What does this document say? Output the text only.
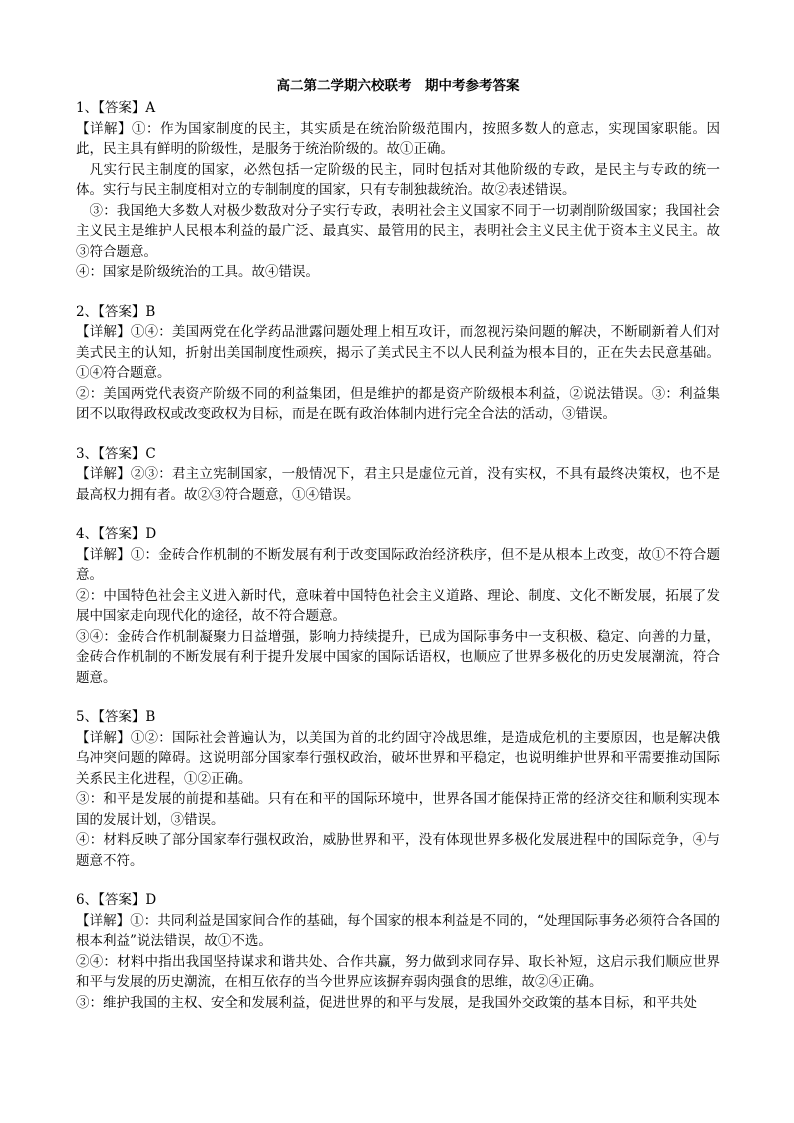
高二第二学期六校联考　期中考参考答案
1、【答案】A
【详解】①：作为国家制度的民主，其实质是在统治阶级范围内，按照多数人的意志，实现国家职能。因此，民主具有鲜明的阶级性，是服务于统治阶级的。故①正确。
凡实行民主制度的国家，必然包括一定阶级的民主，同时包括对其他阶级的专政，是民主与专政的统一体。实行与民主制度相对立的专制制度的国家，只有专制独裁统治。故②表述错误。
③：我国绝大多数人对极少数敌对分子实行专政，表明社会主义国家不同于一切剥削阶级国家；我国社会主义民主是维护人民根本利益的最广泛、最真实、最管用的民主，表明社会主义民主优于资本主义民主。故③符合题意。
④：国家是阶级统治的工具。故④错误。
2、【答案】B
【详解】①④：美国两党在化学药品泄露问题处理上相互攻讦，而忽视污染问题的解决，不断刷新着人们对美式民主的认知，折射出美国制度性顽疾，揭示了美式民主不以人民利益为根本目的，正在失去民意基础。①④符合题意。
②：美国两党代表资产阶级不同的利益集团，但是维护的都是资产阶级根本利益，②说法错误。③：利益集团不以取得政权或改变政权为目标，而是在既有政治体制内进行完全合法的活动，③错误。
3、【答案】C
【详解】②③：君主立宪制国家，一般情况下，君主只是虚位元首，没有实权，不具有最终决策权，也不是最高权力拥有者。故②③符合题意，①④错误。
4、【答案】D
【详解】①：金砖合作机制的不断发展有利于改变国际政治经济秩序，但不是从根本上改变，故①不符合题意。
②：中国特色社会主义进入新时代，意味着中国特色社会主义道路、理论、制度、文化不断发展，拓展了发展中国家走向现代化的途径，故不符合题意。
③④：金砖合作机制凝聚力日益增强，影响力持续提升，已成为国际事务中一支积极、稳定、向善的力量，金砖合作机制的不断发展有利于提升发展中国家的国际话语权，也顺应了世界多极化的历史发展潮流，符合题意。
5、【答案】B
【详解】①②：国际社会普遍认为，以美国为首的北约固守冷战思维，是造成危机的主要原因，也是解决俄乌冲突问题的障碍。这说明部分国家奉行强权政治，破坏世界和平稳定，也说明维护世界和平需要推动国际关系民主化进程，①②正确。
③：和平是发展的前提和基础。只有在和平的国际环境中，世界各国才能保持正常的经济交往和顺利实现本国的发展计划，③错误。
④：材料反映了部分国家奉行强权政治，威胁世界和平，没有体现世界多极化发展进程中的国际竞争，④与题意不符。
6、【答案】D
【详解】①：共同利益是国家间合作的基础，每个国家的根本利益是不同的，“处理国际事务必须符合各国的根本利益”说法错误，故①不选。
②④：材料中指出我国坚持谋求和谐共处、合作共赢，努力做到求同存异、取长补短，这启示我们顺应世界和平与发展的历史潮流，在相互依存的当今世界应该摒弃弱肉强食的思维，故②④正确。
③：维护我国的主权、安全和发展利益，促进世界的和平与发展，是我国外交政策的基本目标，和平共处
